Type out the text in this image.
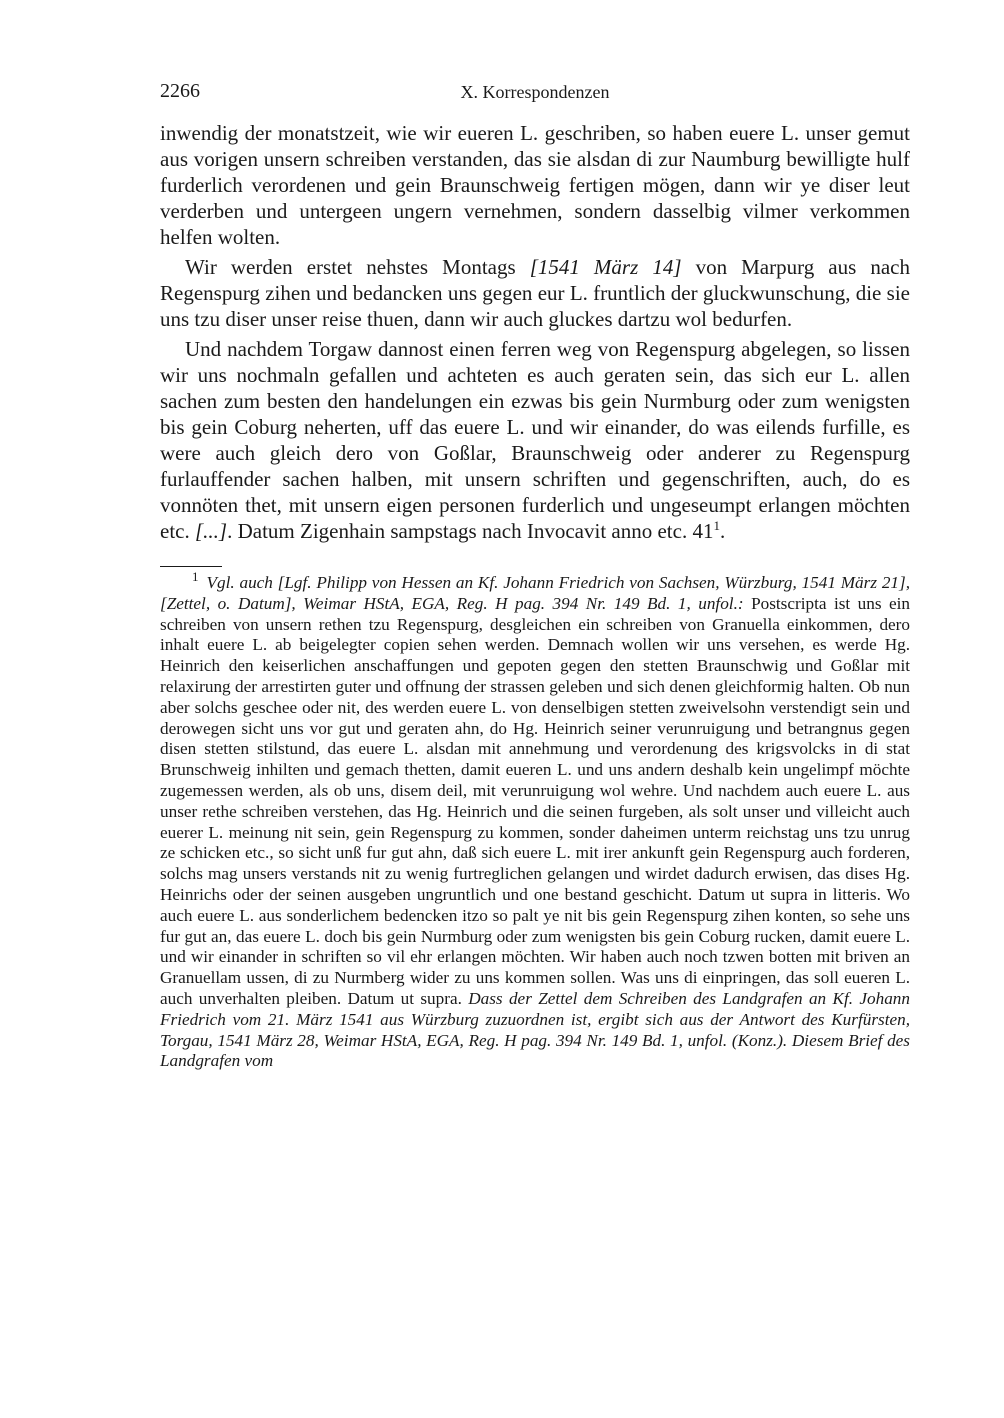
2266	X. Korrespondenzen

inwendig der monatstzeit, wie wir eueren L. geschriben, so haben euere L. unser gemut aus vorigen unsern schreiben verstanden, das sie alsdan di zur Naumburg bewilligte hulf furderlich verordenen und gein Braunschweig fertigen mögen, dann wir ye diser leut verderben und untergeen ungern vernehmen, sondern dasselbig vilmer verkommen helfen wolten.

Wir werden erstet nehstes Montags [1541 März 14] von Marpurg aus nach Regenspurg zihen und bedancken uns gegen eur L. fruntlich der gluckwunschung, die sie uns tzu diser unser reise thuen, dann wir auch gluckes dartzu wol bedurfen.

Und nachdem Torgaw dannost einen ferren weg von Regenspurg abgelegen, so lissen wir uns nochmaln gefallen und achteten es auch geraten sein, das sich eur L. allen sachen zum besten den handelungen ein ezwas bis gein Nurmburg oder zum wenigsten bis gein Coburg neherten, uff das euere L. und wir einander, do was eilends furfille, es were auch gleich dero von Goßlar, Braunschweig oder anderer zu Regenspurg furlauffender sachen halben, mit unsern schriften und gegenschriften, auch, do es vonnöten thet, mit unsern eigen personen furderlich und ungeseumpt erlangen möchten etc. [...]. Datum Zigenhain sampstags nach Invocavit anno etc. $41^1$.

$^1$ Vgl. auch [Lgf. Philipp von Hessen an Kf. Johann Friedrich von Sachsen, Würzburg, 1541 März 21], [Zettel, o. Datum], Weimar HStA, EGA, Reg. H pag. 394 Nr. 149 Bd. 1, unfol.: Postscripta ist uns ein schreiben von unsern rethen tzu Regenspurg, desgleichen ein schreiben von Granuella einkommen, dero inhalt euere L. ab beigelegter copien sehen werden. Demnach wollen wir uns versehen, es werde Hg. Heinrich den keiserlichen anschaffungen und gepoten gegen den stetten Braunschwig und Goßlar mit relaxirung der arrestirten guter und offnung der strassen geleben und sich denen gleichformig halten. Ob nun aber solchs geschee oder nit, des werden euere L. von denselbigen stetten zweivelsohn verstendigt sein und derowegen sicht uns vor gut und geraten ahn, do Hg. Heinrich seiner verunruigung und betrangnus gegen disen stetten stilstund, das euere L. alsdan mit annehmung und verordenung des krigsvolcks in di stat Brunschweig inhilten und gemach thetten, damit eueren L. und uns andern deshalb kein ungelimpf möchte zugemessen werden, als ob uns, disem deil, mit verunruigung wol wehre. Und nachdem auch euere L. aus unser rethe schreiben verstehen, das Hg. Heinrich und die seinen furgeben, als solt unser und villeicht auch euerer L. meinung nit sein, gein Regenspurg zu kommen, sonder daheimen unterm reichstag uns tzu unrug ze schicken etc., so sicht unß fur gut ahn, daß sich euere L. mit irer ankunft gein Regenspurg auch forderen, solchs mag unsers verstands nit zu wenig furtreglichen gelangen und wirdet dadurch erwisen, das dises Hg. Heinrichs oder der seinen ausgeben ungruntlich und one bestand geschicht. Datum ut supra in litteris. Wo auch euere L. aus sonderlichem bedencken itzo so palt ye nit bis gein Regenspurg zihen konten, so sehe uns fur gut an, das euere L. doch bis gein Nurmburg oder zum wenigsten bis gein Coburg rucken, damit euere L. und wir einander in schriften so vil ehr erlangen möchten. Wir haben auch noch tzwen botten mit briven an Granuellam ussen, di zu Nurmberg wider zu uns kommen sollen. Was uns di einpringen, das soll eueren L. auch unverhalten pleiben. Datum ut supra. Dass der Zettel dem Schreiben des Landgrafen an Kf. Johann Friedrich vom 21. März 1541 aus Würzburg zuzuordnen ist, ergibt sich aus der Antwort des Kurfürsten, Torgau, 1541 März 28, Weimar HStA, EGA, Reg. H pag. 394 Nr. 149 Bd. 1, unfol. (Konz.). Diesem Brief des Landgrafen vom
